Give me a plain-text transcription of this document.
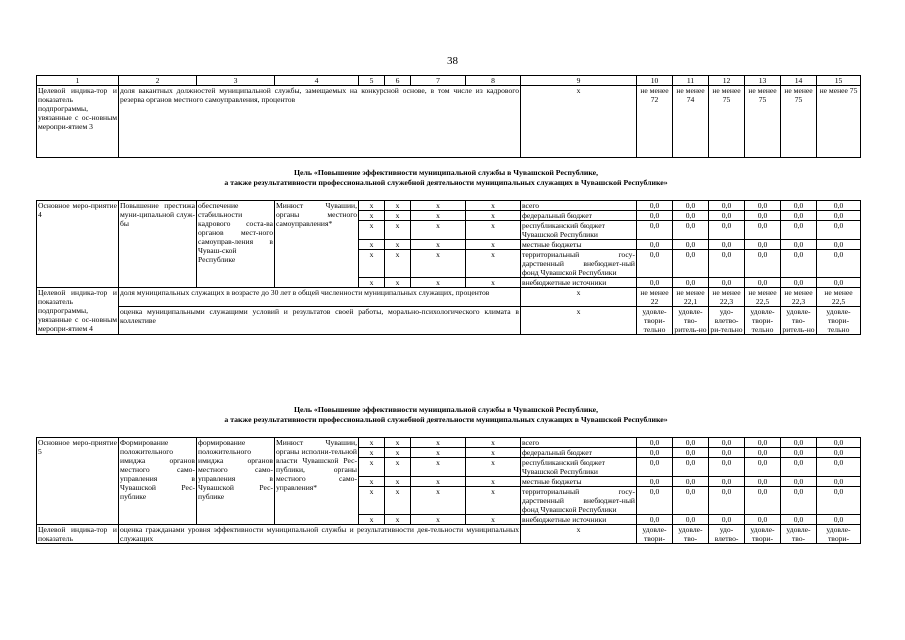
38
1	2	3	4	5	6	7	8	9	10	11	12	13	14	15
Целевой индика-тор и показатель подпрограммы, увязанные с ос-новным меропри-ятием 3	доля вакантных должностей муниципальной службы, замещаемых на конкурсной основе, в том числе из кадрового резерва органов местного самоуправления, процентов							х	не менее 72	не менее 74	не менее 75	не менее 75	не менее 75	не менее 75
Цель «Повышение эффективности муниципальной службы в Чувашской Республике,
а также результативности профессиональной служебной деятельности муниципальных служащих в Чувашской Республике»
Основное меро-приятие 4	Повышение престижа муни-ципальной служ-бы	обеспечение стабильности кадрового соста-ва органов мест-ного самоуправ-ления в Чуваш-ской Республике	Минюст Чувашии, органы местного самоуправления*	х	х	х	х	всего	0,0	0,0	0,0	0,0	0,0	0,0
				х	х	х	х	федеральный бюджет	0,0	0,0	0,0	0,0	0,0	0,0
				х	х	х	х	республиканский бюджет Чувашской Республики	0,0	0,0	0,0	0,0	0,0	0,0
				х	х	х	х	местные бюджеты	0,0	0,0	0,0	0,0	0,0	0,0
				х	х	х	х	территориальный госу-дарственный внебюджет-ный фонд Чувашской Республики	0,0	0,0	0,0	0,0	0,0	0,0
				х	х	х	х	внебюджетные источники	0,0	0,0	0,0	0,0	0,0	0,0
Целевой индика-тор и показатель подпрограммы, увязанные с ос-новным меропри-ятием 4	доля муниципальных служащих в возрасте до 30 лет в общей численности муниципальных служащих, процентов							х	не менее 22	не менее 22,1	не менее 22,3	не менее 22,5	не менее 22,3	не менее 22,5
	оценка муниципальными служащими условий и результатов своей работы, морально-психологического климата в коллективе							х	удовле-твори-тельно	удовле-тво-ритель-но	удо-влетво-ри-тельно	удовле-твори-тельно	удовле-тво-ритель-но	удовле-твори-тельно
Цель «Повышение эффективности муниципальной службы в Чувашской Республике,
а также результативности профессиональной служебной деятельности муниципальных служащих в Чувашской Республике»
Основное меро-приятие 5	Формирование положительного имиджа органов местного само-управления в Чувашской Рес-публике	формирование положительного имиджа органов местного само-управления в Чувашской Рес-публике	Минюст Чувашии, органы исполни-тельной власти Чувашской Рес-публики, органы местного само-управления*	х	х	х	х	всего	0,0	0,0	0,0	0,0	0,0	0,0
				х	х	х	х	федеральный бюджет	0,0	0,0	0,0	0,0	0,0	0,0
				х	х	х	х	республиканский бюджет Чувашской Республики	0,0	0,0	0,0	0,0	0,0	0,0
				х	х	х	х	местные бюджеты	0,0	0,0	0,0	0,0	0,0	0,0
				х	х	х	х	территориальный госу-дарственный внебюджет-ный фонд Чувашской Республики	0,0	0,0	0,0	0,0	0,0	0,0
				х	х	х	х	внебюджетные источники	0,0	0,0	0,0	0,0	0,0	0,0
Целевой индика-тор и показатель	оценка гражданами уровня эффективности муниципальной службы и результативности дея-тельности муниципальных служащих							х	удовле-твори-	удовле-тво-	удо-влетво-	удовле-твори-	удовле-тво-	удовле-твори-
